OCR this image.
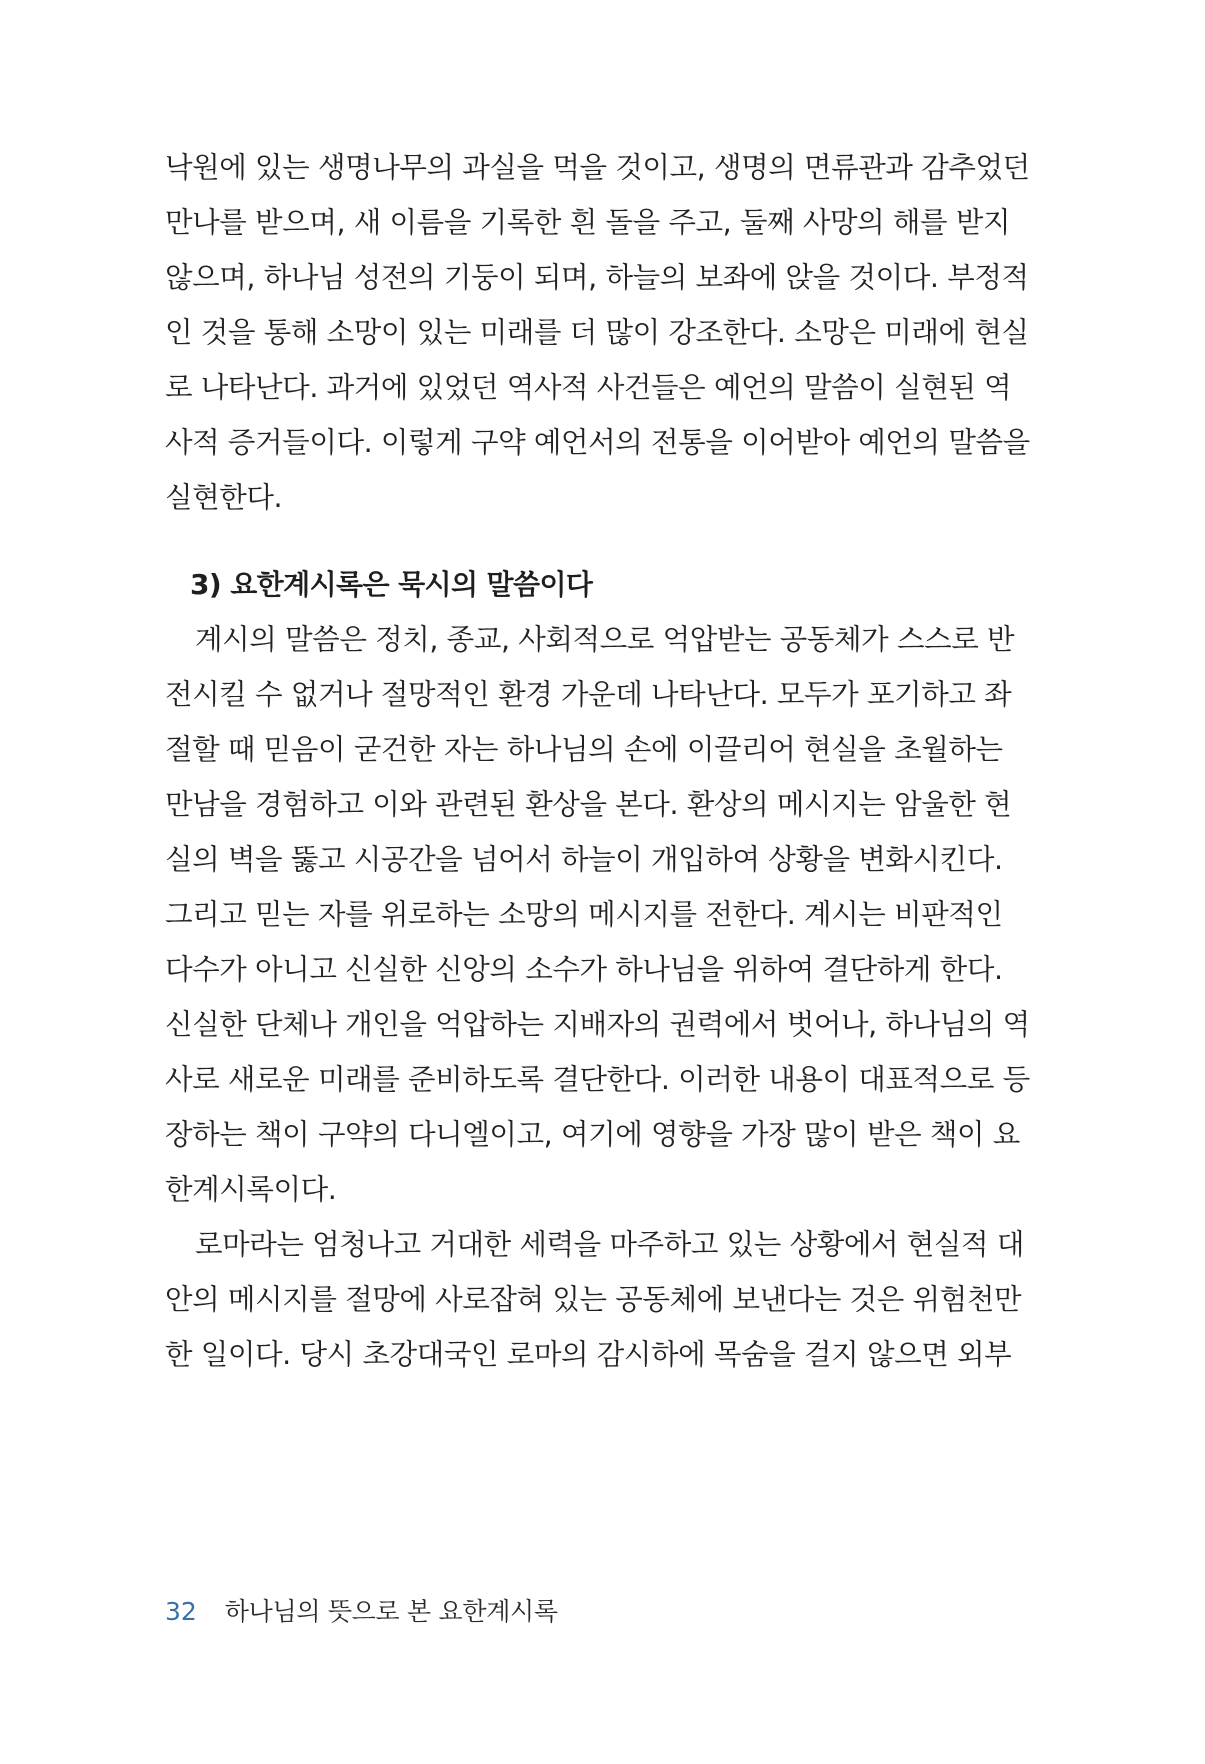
낙원에 있는 생명나무의 과실을 먹을 것이고, 생명의 면류관과 감추었던
만나를 받으며, 새 이름을 기록한 흰 돌을 주고, 둘째 사망의 해를 받지
않으며, 하나님 성전의 기둥이 되며, 하늘의 보좌에 앉을 것이다. 부정적
인 것을 통해 소망이 있는 미래를 더 많이 강조한다. 소망은 미래에 현실
로 나타난다. 과거에 있었던 역사적 사건들은 예언의 말씀이 실현된 역
사적 증거들이다. 이렇게 구약 예언서의 전통을 이어받아 예언의 말씀을
실현한다.
3) 요한계시록은 묵시의 말씀이다
계시의 말씀은 정치, 종교, 사회적으로 억압받는 공동체가 스스로 반
전시킬 수 없거나 절망적인 환경 가운데 나타난다. 모두가 포기하고 좌
절할 때 믿음이 굳건한 자는 하나님의 손에 이끌리어 현실을 초월하는
만남을 경험하고 이와 관련된 환상을 본다. 환상의 메시지는 암울한 현
실의 벽을 뚫고 시공간을 넘어서 하늘이 개입하여 상황을 변화시킨다.
그리고 믿는 자를 위로하는 소망의 메시지를 전한다. 계시는 비판적인
다수가 아니고 신실한 신앙의 소수가 하나님을 위하여 결단하게 한다.
신실한 단체나 개인을 억압하는 지배자의 권력에서 벗어나, 하나님의 역
사로 새로운 미래를 준비하도록 결단한다. 이러한 내용이 대표적으로 등
장하는 책이 구약의 다니엘이고, 여기에 영향을 가장 많이 받은 책이 요
한계시록이다.
로마라는 엄청나고 거대한 세력을 마주하고 있는 상황에서 현실적 대
안의 메시지를 절망에 사로잡혀 있는 공동체에 보낸다는 것은 위험천만
한 일이다. 당시 초강대국인 로마의 감시하에 목숨을 걸지 않으면 외부
32 하나님의 뜻으로 본 요한계시록
